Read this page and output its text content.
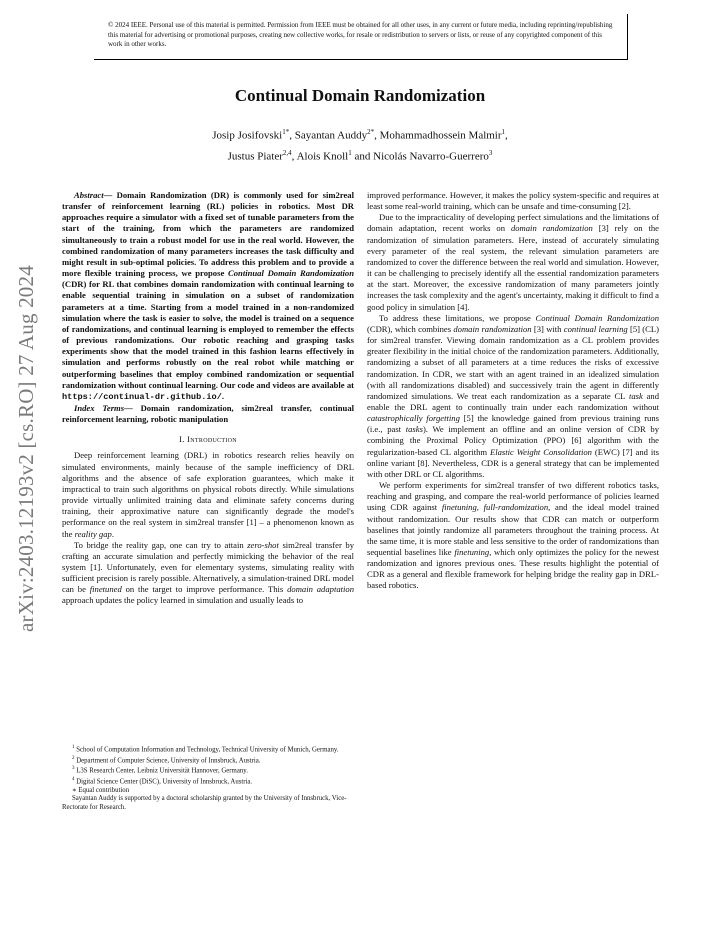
© 2024 IEEE. Personal use of this material is permitted. Permission from IEEE must be obtained for all other uses, in any current or future media, including reprinting/republishing this material for advertising or promotional purposes, creating new collective works, for resale or redistribution to servers or lists, or reuse of any copyrighted component of this work in other works.
arXiv:2403.12193v2 [cs.RO] 27 Aug 2024
Continual Domain Randomization
Josip Josifovski$^{1*}$, Sayantan Auddy$^{2*}$, Mohammadhossein Malmir$^1$,
Justus Piater$^{2,4}$, Alois Knoll$^1$ and Nicolás Navarro-Guerrero$^3$

Abstract— Domain Randomization (DR) is commonly used for sim2real transfer of reinforcement learning (RL) policies in robotics. Most DR approaches require a simulator with a fixed set of tunable parameters from the start of the training, from which the parameters are randomized simultaneously to train a robust model for use in the real world. However, the combined randomization of many parameters increases the task difficulty and might result in sub-optimal policies. To address this problem and to provide a more flexible training process, we propose Continual Domain Randomization (CDR) for RL that combines domain randomization with continual learning to enable sequential training in simulation on a subset of randomization parameters at a time. Starting from a model trained in a non-randomized simulation where the task is easier to solve, the model is trained on a sequence of randomizations, and continual learning is employed to remember the effects of previous randomizations. Our robotic reaching and grasping tasks experiments show that the model trained in this fashion learns effectively in simulation and performs robustly on the real robot while matching or outperforming baselines that employ combined randomization or sequential randomization without continual learning. Our code and videos are available at https://continual-dr.github.io/.

Index Terms— Domain randomization, sim2real transfer, continual reinforcement learning, robotic manipulation

I. Introduction

Deep reinforcement learning (DRL) in robotics research relies heavily on simulated environments, mainly because of the sample inefficiency of DRL algorithms and the absence of safe exploration guarantees, which make it impractical to train such algorithms on physical robots directly. While simulations provide virtually unlimited training data and eliminate safety concerns during training, their approximative nature can significantly degrade the model's performance on the real system in sim2real transfer [1] – a phenomenon known as the reality gap.

To bridge the reality gap, one can try to attain zero-shot sim2real transfer by crafting an accurate simulation and perfectly mimicking the behavior of the real system [1]. Unfortunately, even for elementary systems, simulating reality with sufficient precision is rarely possible. Alternatively, a simulation-trained DRL model can be finetuned on the target to improve performance. This domain adaptation approach updates the policy learned in simulation and usually leads to

$^1$ School of Computation Information and Technology, Technical University of Munich, Germany.

$^2$ Department of Computer Science, University of Innsbruck, Austria.

$^3$ L3S Research Center, Leibniz Universität Hannover, Germany.

$^4$ Digital Science Center (DiSC), University of Innsbruck, Austria.

∗ Equal contribution

Sayantan Auddy is supported by a doctoral scholarship granted by the University of Innsbruck, Vice-Rectorate for Research.

improved performance. However, it makes the policy system-specific and requires at least some real-world training, which can be unsafe and time-consuming [2].

Due to the impracticality of developing perfect simulations and the limitations of domain adaptation, recent works on domain randomization [3] rely on the randomization of simulation parameters. Here, instead of accurately simulating every parameter of the real system, the relevant simulation parameters are randomized to cover the difference between the real world and simulation. However, it can be challenging to precisely identify all the essential randomization parameters at the start. Moreover, the excessive randomization of many parameters jointly increases the task complexity and the agent's uncertainty, making it difficult to find a good policy in simulation [4].

To address these limitations, we propose Continual Domain Randomization (CDR), which combines domain randomization [3] with continual learning [5] (CL) for sim2real transfer. Viewing domain randomization as a CL problem provides greater flexibility in the initial choice of the randomization parameters. Additionally, randomizing a subset of all parameters at a time reduces the risks of excessive randomization. In CDR, we start with an agent trained in an idealized simulation (with all randomizations disabled) and successively train the agent in differently randomized simulations. We treat each randomization as a separate CL task and enable the DRL agent to continually train under each randomization without catastrophically forgetting [5] the knowledge gained from previous training runs (i.e., past tasks). We implement an offline and an online version of CDR by combining the Proximal Policy Optimization (PPO) [6] algorithm with the regularization-based CL algorithm Elastic Weight Consolidation (EWC) [7] and its online variant [8]. Nevertheless, CDR is a general strategy that can be implemented with other DRL or CL algorithms.

We perform experiments for sim2real transfer of two different robotics tasks, reaching and grasping, and compare the real-world performance of policies learned using CDR against finetuning, full-randomization, and the ideal model trained without randomization. Our results show that CDR can match or outperform baselines that jointly randomize all parameters throughout the training process. At the same time, it is more stable and less sensitive to the order of randomizations than sequential baselines like finetuning, which only optimizes the policy for the newest randomization and ignores previous ones. These results highlight the potential of CDR as a general and flexible framework for helping bridge the reality gap in DRL-based robotics.
